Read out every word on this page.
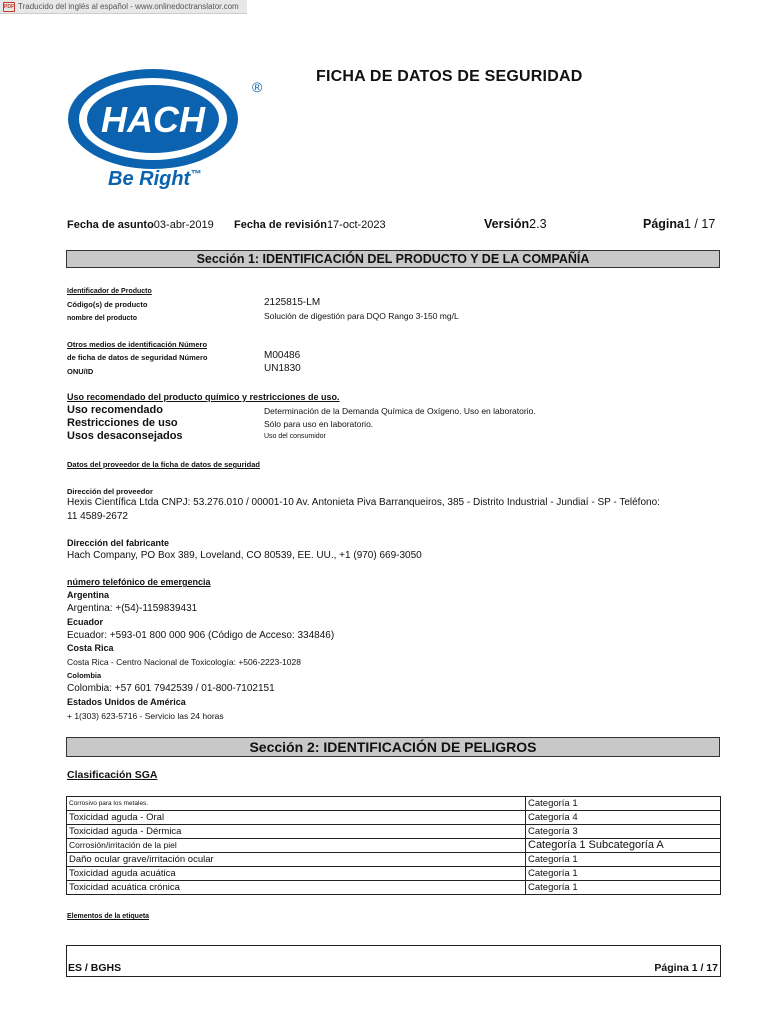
PDF Traducido del inglés al español - www.onlinedoctranslator.com
HACH
®
Be Right™
FICHA DE DATOS DE SEGURIDAD
Fecha de asunto03-abr-2019 Fecha de revisión17-oct-2023	Versión2.3	Página1 / 17
Sección 1: IDENTIFICACIÓN DEL PRODUCTO Y DE LA COMPAÑÍA
Identificador de Producto
Código(s) de producto	2125815-LM
nombre del producto	Solución de digestión para DQO Rango 3-150 mg/L
Otros medios de identificación Número
de ficha de datos de seguridad Número	M00486
ONU/ID	UN1830
Uso recomendado del producto químico y restricciones de uso.
Uso recomendado	Determinación de la Demanda Química de Oxígeno. Uso en laboratorio.
Restricciones de uso	Sólo para uso en laboratorio.
Usos desaconsejados	Uso del consumidor
Datos del proveedor de la ficha de datos de seguridad
Dirección del proveedor
Hexis Científica Ltda CNPJ: 53.276.010 / 00001-10 Av. Antonieta Piva Barranqueiros, 385 - Distrito Industrial - Jundiaí - SP - Teléfono:
11 4589-2672
Dirección del fabricante
Hach Company, PO Box 389, Loveland, CO 80539, EE. UU., +1 (970) 669-3050
número telefónico de emergencia
Argentina
Argentina: +(54)-1159839431
Ecuador
Ecuador: +593-01 800 000 906 (Código de Acceso: 334846)
Costa Rica
Costa Rica - Centro Nacional de Toxicología: +506-2223-1028
Colombia
Colombia: +57 601 7942539 / 01-800-7102151
Estados Unidos de América
+ 1(303) 623-5716 - Servicio las 24 horas
Sección 2: IDENTIFICACIÓN DE PELIGROS
Clasificación SGA
Corrosivo para los metales.	Categoría 1
Toxicidad aguda - Oral	Categoría 4
Toxicidad aguda - Dérmica	Categoría 3
Corrosión/irritación de la piel	Categoría 1 Subcategoría A
Daño ocular grave/irritación ocular	Categoría 1
Toxicidad aguda acuática	Categoría 1
Toxicidad acuática crónica	Categoría 1
Elementos de la etiqueta
ES / BGHS	Página 1 / 17
